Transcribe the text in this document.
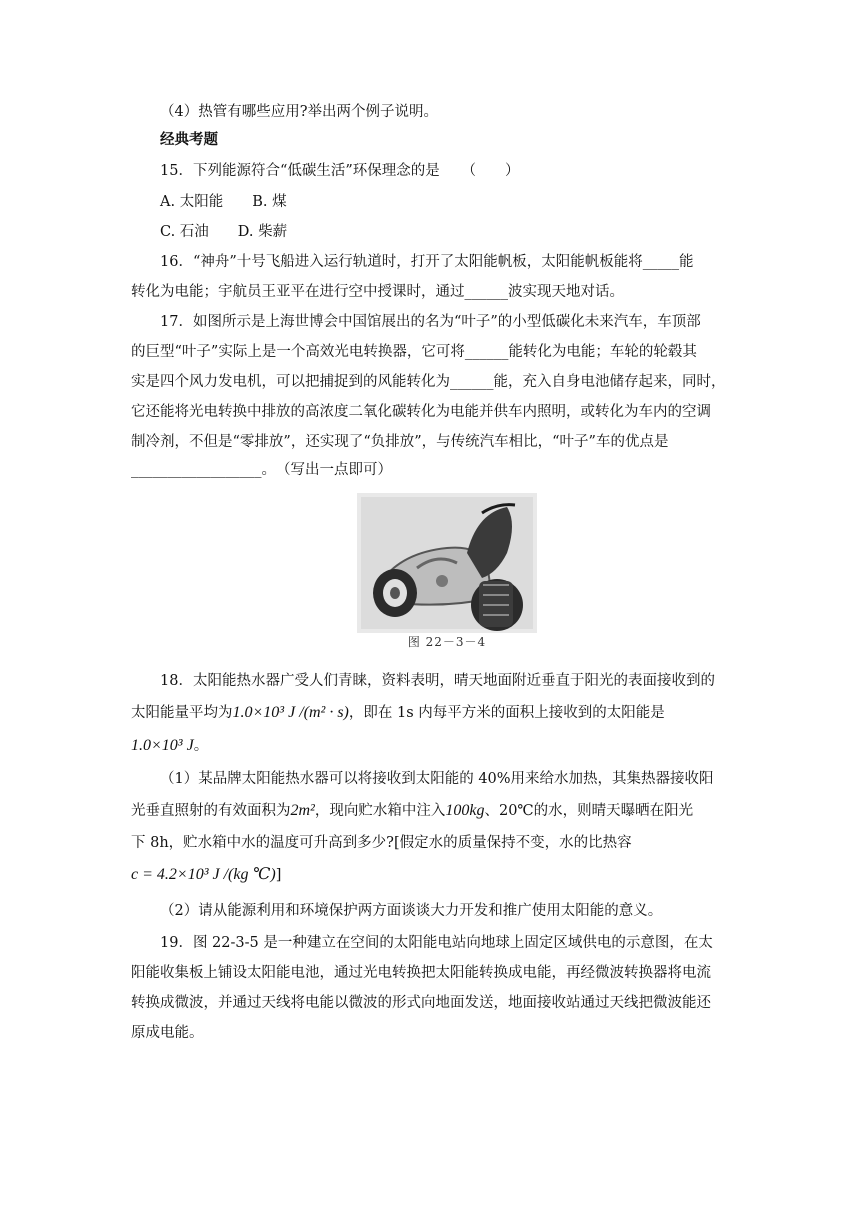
（4）热管有哪些应用?举出两个例子说明。
经典考题
15．下列能源符合“低碳生活”环保理念的是　　（　　）
A. 太阳能　　B. 煤
C. 石油　　D. 柴薪
16．“神舟”十号飞船进入运行轨道时，打开了太阳能帆板，太阳能帆板能将_____能
转化为电能；宇航员王亚平在进行空中授课时，通过______波实现天地对话。
17．如图所示是上海世博会中国馆展出的名为“叶子”的小型低碳化未来汽车，车顶部
的巨型“叶子”实际上是一个高效光电转换器，它可将______能转化为电能；车轮的轮毂其
实是四个风力发电机，可以把捕捉到的风能转化为______能，充入自身电池储存起来，同时，
它还能将光电转换中排放的高浓度二氧化碳转化为电能并供车内照明，或转化为车内的空调
制冷剂，不但是“零排放”，还实现了“负排放”，与传统汽车相比，“叶子”车的优点是
__________________。　（写出一点即可）
图 22－3－4
18．太阳能热水器广受人们青睐，资料表明，晴天地面附近垂直于阳光的表面接收到的
太阳能量平均为1.0×10³ J /(m² · s)，即在 1s 内每平方米的面积上接收到的太阳能是
1.0×10³ J。
（1）某品牌太阳能热水器可以将接收到太阳能的 40%用来给水加热，其集热器接收阳
光垂直照射的有效面积为2m²，现向贮水箱中注入100kg、20℃的水，则晴天曝晒在阳光
下 8h，贮水箱中水的温度可升高到多少?[假定水的质量保持不变，水的比热容
c = 4.2×10³ J /(kg ℃)]
（2）请从能源利用和环境保护两方面谈谈大力开发和推广使用太阳能的意义。
19．图 22-3-5 是一种建立在空间的太阳能电站向地球上固定区域供电的示意图，在太
阳能收集板上铺设太阳能电池，通过光电转换把太阳能转换成电能，再经微波转换器将电流
转换成微波，并通过天线将电能以微波的形式向地面发送，地面接收站通过天线把微波能还
原成电能。
